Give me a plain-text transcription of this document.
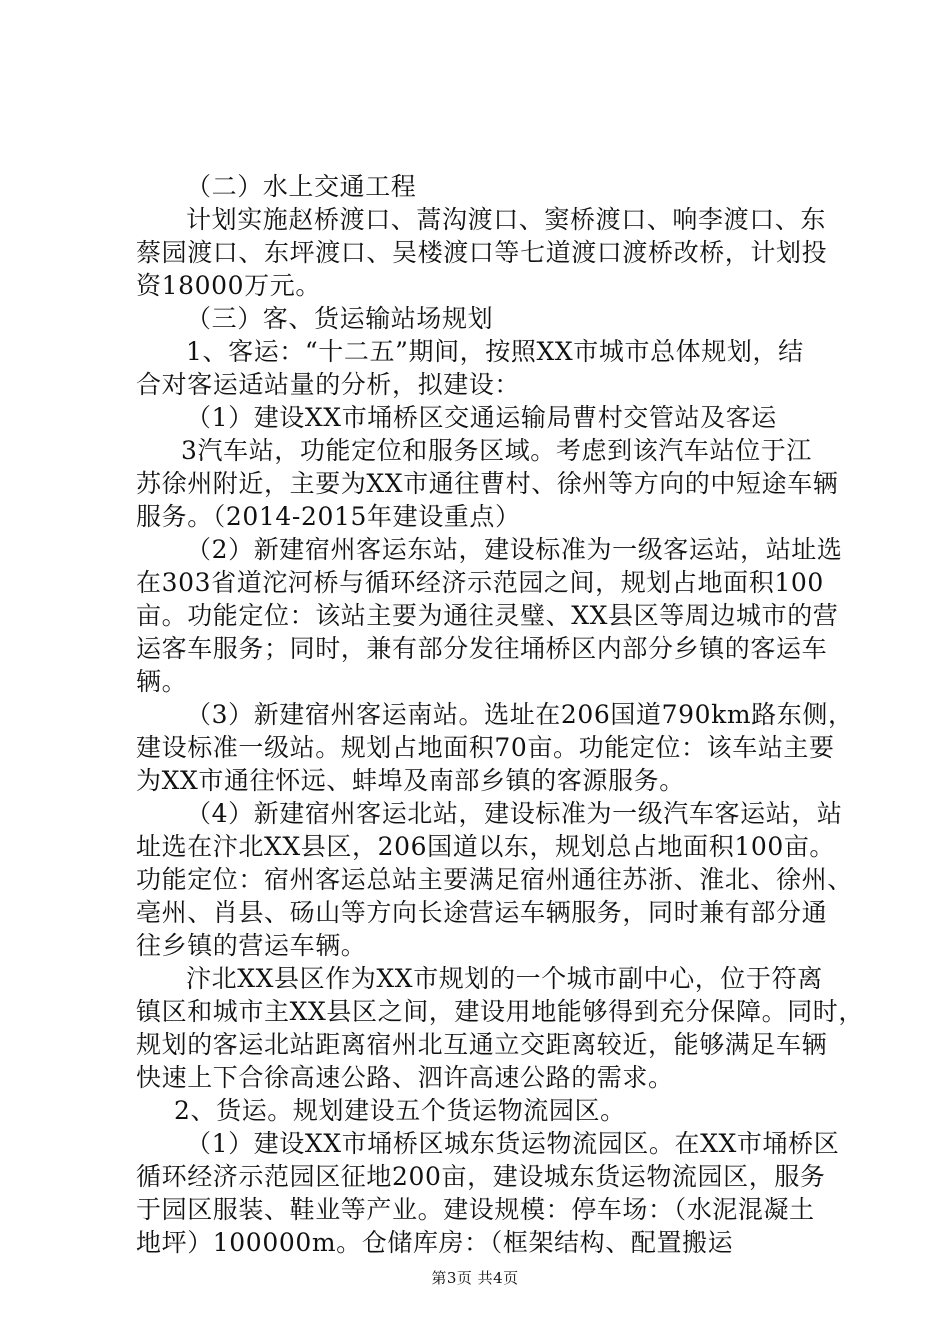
（二）水上交通工程
计划实施赵桥渡口、蒿沟渡口、窦桥渡口、响李渡口、东
蔡园渡口、东坪渡口、吴楼渡口等七道渡口渡桥改桥，计划投
资18000万元。
（三）客、货运输站场规划
1、客运：“十二五”期间，按照XX市城市总体规划，结
合对客运适站量的分析，拟建设：
（1）建设XX市埇桥区交通运输局曹村交管站及客运
3汽车站，功能定位和服务区域。考虑到该汽车站位于江
苏徐州附近，主要为XX市通往曹村、徐州等方向的中短途车辆
服务。（2014-2015年建设重点）
（2）新建宿州客运东站，建设标准为一级客运站，站址选
在303省道沱河桥与循环经济示范园之间，规划占地面积100
亩。功能定位：该站主要为通往灵璧、XX县区等周边城市的营
运客车服务；同时，兼有部分发往埇桥区内部分乡镇的客运车
辆。
（3）新建宿州客运南站。选址在206国道790km路东侧，
建设标准一级站。规划占地面积70亩。功能定位：该车站主要
为XX市通往怀远、蚌埠及南部乡镇的客源服务。
（4）新建宿州客运北站，建设标准为一级汽车客运站，站
址选在汴北XX县区，206国道以东，规划总占地面积100亩。
功能定位：宿州客运总站主要满足宿州通往苏浙、淮北、徐州、
亳州、肖县、砀山等方向长途营运车辆服务，同时兼有部分通
往乡镇的营运车辆。
汴北XX县区作为XX市规划的一个城市副中心，位于符离
镇区和城市主XX县区之间，建设用地能够得到充分保障。同时，
规划的客运北站距离宿州北互通立交距离较近，能够满足车辆
快速上下合徐高速公路、泗许高速公路的需求。
2、货运。规划建设五个货运物流园区。
（1）建设XX市埇桥区城东货运物流园区。在XX市埇桥区
循环经济示范园区征地200亩，建设城东货运物流园区，服务
于园区服装、鞋业等产业。建设规模：停车场：（水泥混凝土
地坪）100000m。仓储库房：（框架结构、配置搬运
第3页 共4页
